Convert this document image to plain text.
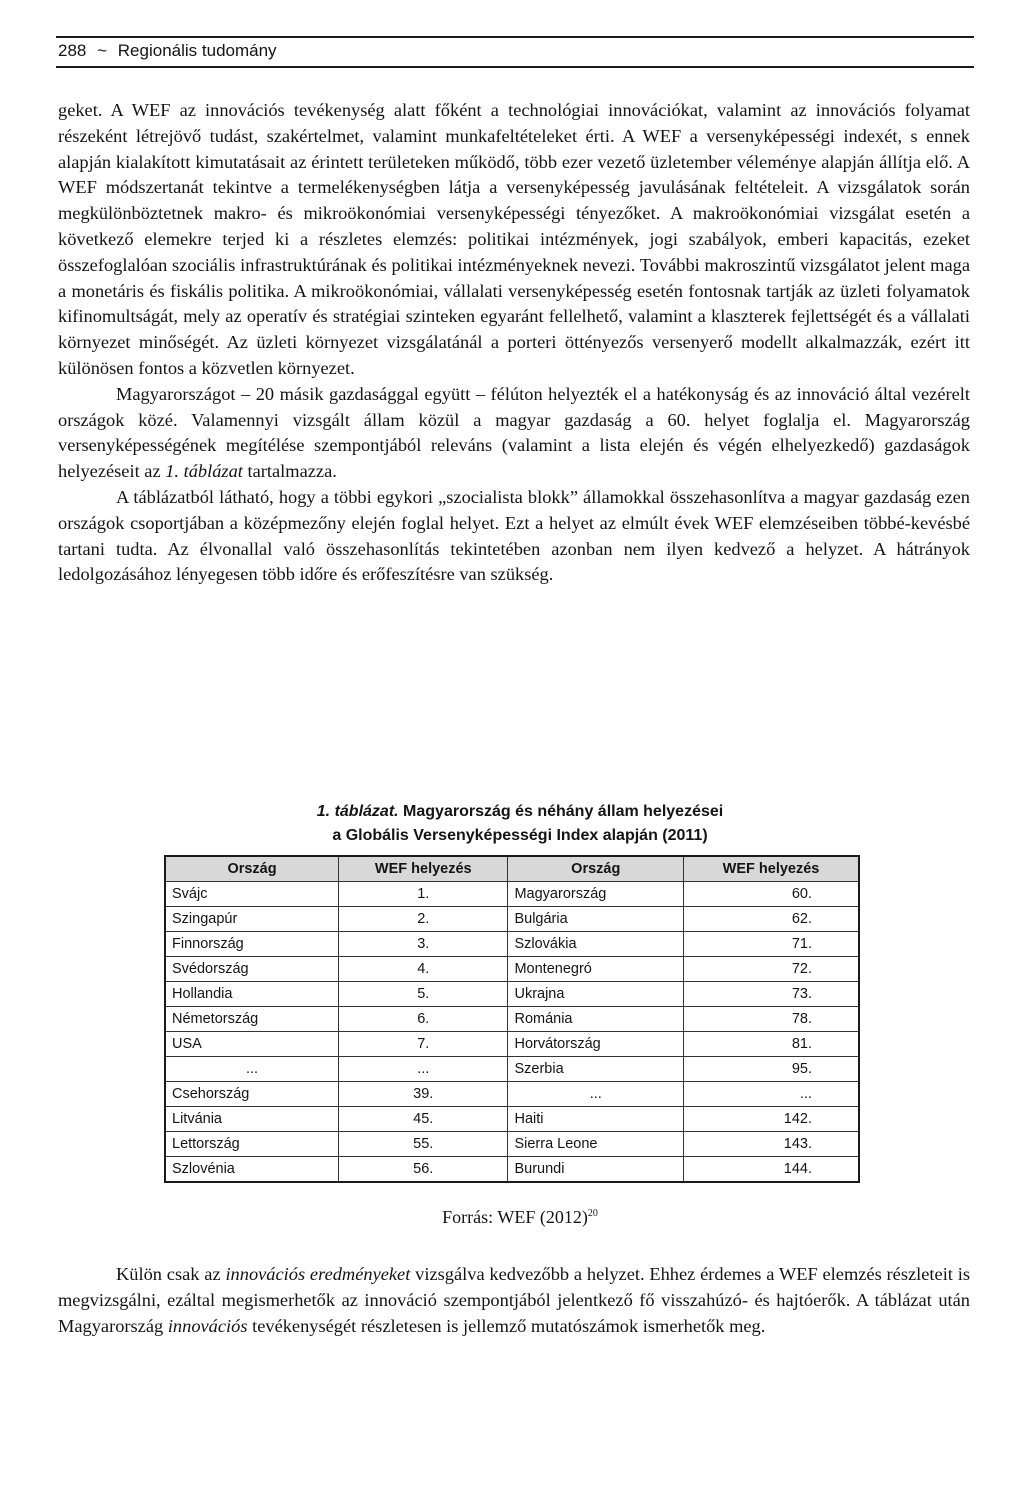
288 ~ Regionális tudomány

geket. A WEF az innovációs tevékenység alatt főként a technológiai innovációkat, valamint az innovációs folyamat részeként létrejövő tudást, szakértelmet, valamint munkafeltételeket érti. A WEF a versenyképességi indexét, s ennek alapján kialakított kimutatásait az érintett területeken működő, több ezer vezető üzletember véleménye alapján állítja elő. A WEF módszertanát tekintve a termelékenységben látja a versenyképesség javulásának feltételeit. A vizsgálatok során megkülönböztetnek makro- és mikroökonómiai versenyképességi tényezőket. A makroökonómiai vizsgálat esetén a következő elemekre terjed ki a részletes elemzés: politikai intézmények, jogi szabályok, emberi kapacitás, ezeket összefoglalóan szociális infrastruktúrának és politikai intézményeknek nevezi. További makroszintű vizsgálatot jelent maga a monetáris és fiskális politika. A mikroökonómiai, vállalati versenyképesség esetén fontosnak tartják az üzleti folyamatok kifinomultságát, mely az operatív és stratégiai szinteken egyaránt fellelhető, valamint a klaszterek fejlettségét és a vállalati környezet minőségét. Az üzleti környezet vizsgálatánál a porteri öttényezős versenyerő modellt alkalmazzák, ezért itt különösen fontos a közvetlen környezet.

Magyarországot – 20 másik gazdasággal együtt – félúton helyezték el a hatékonyság és az innováció által vezérelt országok közé. Valamennyi vizsgált állam közül a magyar gazdaság a 60. helyet foglalja el. Magyarország versenyképességének megítélése szempontjából releváns (valamint a lista elején és végén elhelyezkedő) gazdaságok helyezéseit az 1. táblázat tartalmazza.

A táblázatból látható, hogy a többi egykori „szocialista blokk” államokkal összehasonlítva a magyar gazdaság ezen országok csoportjában a középmezőny elején foglal helyet. Ezt a helyet az elmúlt évek WEF elemzéseiben többé-kevésbé tartani tudta. Az élvonallal való összehasonlítás tekintetében azonban nem ilyen kedvező a helyzet. A hátrányok ledolgozásához lényegesen több időre és erőfeszítésre van szükség.

1. táblázat. Magyarország és néhány állam helyezései
a Globális Versenyképességi Index alapján (2011)
Ország	WEF helyezés	Ország	WEF helyezés
Svájc	1.	Magyarország	60.
Szingapúr	2.	Bulgária	62.
Finnország	3.	Szlovákia	71.
Svédország	4.	Montenegró	72.
Hollandia	5.	Ukrajna	73.
Németország	6.	Románia	78.
USA	7.	Horvátország	81.
...	...	Szerbia	95.
Csehország	39.	...	...
Litvánia	45.	Haiti	142.
Lettország	55.	Sierra Leone	143.
Szlovénia	56.	Burundi	144.
Forrás: WEF $(2012)^{20}$

Külön csak az innovációs eredményeket vizsgálva kedvezőbb a helyzet. Ehhez érdemes a WEF elemzés részleteit is megvizsgálni, ezáltal megismerhetők az innováció szempontjából jelentkező fő visszahúzó- és hajtóerők. A táblázat után Magyarország innovációs tevékenységét részletesen is jellemző mutatószámok ismerhetők meg.
